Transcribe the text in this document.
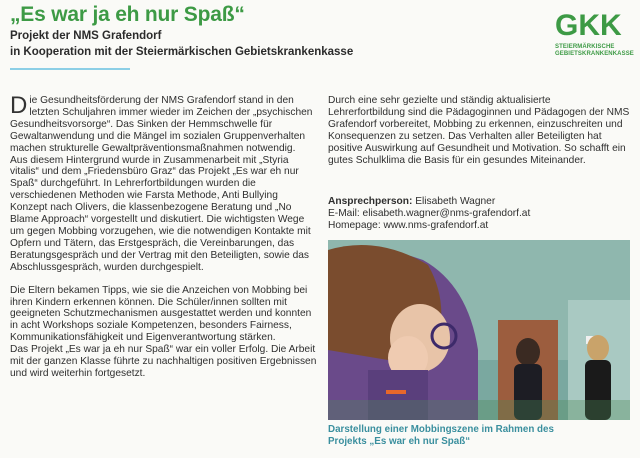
„Es war ja eh nur Spaß“
Projekt der NMS Grafendorf
in Kooperation mit der Steiermärkischen Gebietskrankenkasse
GKK
STEIERMÄRKISCHE
GEBIETSKRANKENKASSE

Die Gesundheitsförderung der NMS Grafendorf stand in den letzten Schuljahren immer wieder im Zeichen der „psychischen Gesundheitsvorsorge“. Das Sinken der Hemmschwelle für Gewaltanwendung und die Mängel im sozialen Gruppenverhalten machen strukturelle Gewaltpräventionsmaßnahmen notwendig.

Aus diesem Hintergrund wurde in Zusammenarbeit mit „Styria vitalis“ und dem „Friedensbüro Graz“ das Projekt „Es war eh nur Spaß“ durchgeführt. In Lehrerfortbildungen wurden die verschiedenen Methoden wie Farsta Methode, Anti Bullying Konzept nach Olivers, die klassenbezogene Beratung und „No Blame Approach“ vorgestellt und diskutiert. Die wichtigsten Wege um gegen Mobbing vorzugehen, wie die notwendigen Kontakte mit Opfern und Tätern, das Erstgespräch, die Vereinbarungen, das Beratungsgespräch und der Vertrag mit den Beteiligten, sowie das Abschlussgespräch, wurden durchgespielt.

Die Eltern bekamen Tipps, wie sie die Anzeichen von Mobbing bei ihren Kindern erkennen können. Die Schüler/innen sollten mit geeigneten Schutzmechanismen ausgestattet werden und konnten in acht Workshops soziale Kompetenzen, besonders Fairness, Kommunikationsfähigkeit und Eigenverantwortung stärken.

Das Projekt „Es war ja eh nur Spaß“ war ein voller Erfolg. Die Arbeit mit der ganzen Klasse führte zu nachhaltigen positiven Ergebnissen und wird weiterhin fortgesetzt.

Durch eine sehr gezielte und ständig aktualisierte Lehrerfortbildung sind die Pädagoginnen und Pädagogen der NMS Grafendorf vorbereitet, Mobbing zu erkennen, einzuschreiten und Konsequenzen zu setzen. Das Verhalten aller Beteiligten hat positive Auswirkung auf Gesundheit und Motivation. So schafft ein gutes Schulklima die Basis für ein gesundes Miteinander.

Ansprechperson: Elisabeth Wagner
E-Mail: elisabeth.wagner@nms-grafendorf.at
Homepage: www.nms-grafendorf.at
Darstellung einer Mobbingszene im Rahmen des
Projekts „Es war eh nur Spaß“
